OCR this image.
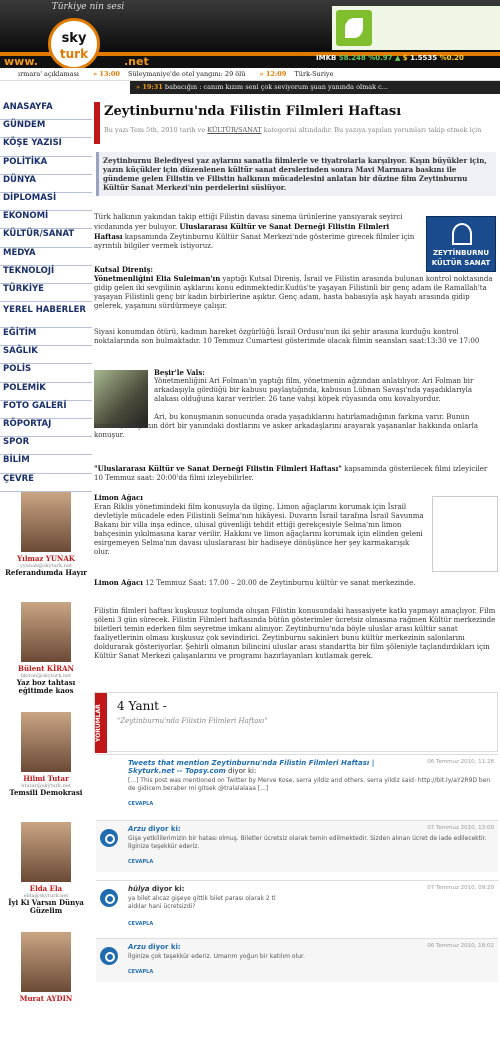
Türkiye nin sesi
sky
turk
www.	.net	IMKB 58.248 %0.97 ▲ $ 1.5535 %0.20
ırmara' açıklaması » 13:00 Süleymaniye'de otel yangını: 29 ölü » 12:09 Türk-Suriye
» 19:31 babacığın : canım kızım seni çok seviyorum şuan yanında olmak c...
ANASAYFA
GÜNDEM
KÖŞE YAZISI
POLİTİKA
DÜNYA
DİPLOMASİ
EKONOMİ
KÜLTÜR/SANAT
MEDYA
TEKNOLOJİ
TÜRKİYE
YEREL HABERLER
EĞİTİM
SAĞLIK
POLİS
POLEMİK
FOTO GALERİ
RÖPORTAJ
SPOR
BİLİM
ÇEVRE
Yılmaz YUNAK
yyunak@skyturk.net
Referandumda Hayır
Bülent KİRAN
bkiran@skyturk.net
Yaz boz tahtası eğitimde kaos
Hilmi Tutar
htutar@skyturk.net
Temsili Demokrasi
Elda Ela
elda@skyturk.net
İyi Ki Varsın Dünya Güzelim
Murat AYDIN
Zeytinburnu'nda Filistin Filmleri Haftası
Bu yazı Tem 5th, 2010 tarih ve KÜLTÜR/SANAT kategorisi altındadır. Bu yazıya yapılan yorumları takip etmek için
Zeytinburnu Belediyesi yaz aylarını sanatla filmlerle ve tiyatrolarla karşılıyor. Kışın büyükler için, yazın küçükler için düzenlenen kültür sanat derslerinden sonra Mavi Marmara baskını ile gündeme gelen Filistin ve Filistin halkının mücadelesini anlatan bir düzine film Zeytinburnu Kültür Sanat Merkezi'nin perdelerini süslüyor.
Türk halkının yakından takip ettiği Filistin davası sinema ürünlerine yansıyarak seyirci vicdanında yer buluyor. Uluslararası Kültür ve Sanat Derneği Filistin Filmleri Haftası kapsamında Zeytinburnu Kültür Sanat Merkezi'nde gösterime girecek filmler için ayrıntılı bilgiler vermek istiyoruz.
ZEYTİNBURNU
KÜLTÜR SANAT
Kutsal Direniş:
Yönetmenliğini Elia Suleiman'ın yaptığı Kutsal Direniş, İsrail ve Filistin arasında bulunan kontrol noktasında gidip gelen iki sevgilinin aşklarını konu edinmektedir.Kudüs'te yaşayan Filistinli bir genç adam ile Ramallah'ta yaşayan Filistinli genç bir kadın birbirlerine aşıktır. Genç adam, hasta babasıyla aşk hayatı arasında gidip gelerek, yaşamını sürdürmeye çalışır.
Siyasi konumdan ötürü, kadının hareket özgürlüğü İsrail Ordusu'nun iki şehir arasına kurduğu kontrol noktalarında son bulmaktadır. 10 Temmuz Cumartesi gösterimde olacak filmin seansları saat:13:30 ve 17:00
Beşir'le Vals:
Yönetmenliğini Ari Folman'ın yaptığı film, yönetmenin ağzından anlatılıyor. Ari Folman bir arkadaşıyla gördüğü bir kabusu paylaştığında, kabusun Lübnan Savaşı'nda yaşadıklarıyla alakası olduğuna karar verirler. 26 tane vahşi köpek rüyasında onu kovalıyordur.
Ari, bu konuşmanın sonucunda orada yaşadıklarını hatırlamadığının farkına varır. Bunun üzerine, dünyanın dört bir yanındaki dostlarını ve asker arkadaşlarını arayarak yaşananlar hakkında onlarla konuşur.
"Uluslararası Kültür ve Sanat Derneği Filistin Filmleri Haftası" kapsamında gösterilecek filmi izleyiciler 10 Temmuz saat: 20:00'da filmi izleyebilirler.
Limon Ağacı
Eran Riklis yönetimindeki film konusuyla da ilginç. Limon ağaçlarını korumak için İsrail devletiyle mücadele eden Filistinli Selma'nın hikâyesi. Duvarın İsrail tarafına İsrail Savunma Bakanı bir villa inşa edince, ulusal güvenliği tehdit ettiği gerekçesiyle Selma'nın limon bahçesinin yıkılmasına karar verilir. Hakkını ve limon ağaçlarını korumak için elinden geleni esirgemeyen Selma'nın davası uluslararası bir hadiseye dönüşünce her şey karmakarışık olur.
Limon Ağacı 12 Temmuz Saat: 17.00 – 20.00 de Zeytinburnu kültür ve sanat merkezinde.
Filistin filmleri haftası kuşkusuz toplumda oluşan Filistin konusundaki hassasiyete katkı yapmayı amaçlıyor. Film şöleni 3 gün sürecek. Filistin Filmleri haftasında bütün gösterimler ücretsiz olmasına rağmen Kültür merkezinde biletleri temin ederken film seyretme imkanı alınıyor. Zeytinburnu'nda böyle uluslar arası kültür sanat faaliyetlerinin olması kuşkusuz çok sevindirici. Zeytinburnu sakinleri bunu kültür merkezinin salonlarını doldurarak gösteriyorlar. Şehirli olmanın bilincini uluslar arası standartta bir film şöleniyle taçlandırdıkları için Kültür Sanat Merkezi çalışanlarını ve programı hazırlayanları kutlamak gerek.
YORUMLAR	4 Yanıt -
"Zeytinburnu'nda Filistin Filmleri Haftası"
Tweets that mention Zeytinburnu'nda Filistin Filmleri Haftası | Skyturk.net -- Topsy.com diyor ki:
06 Temmuz 2010, 11:28
[...] This post was mentioned on Twitter by Merve Kose, serra yildiz and others. serra yildiz said: http://bit.ly/aY2R9D ben de gidicem.beraber mi gitsek @tralalalaaa [...]
CEVAPLA
Arzu diyor ki:	07 Temmuz 2010, 13:00
Gişe yetkililerimizin bir hatası olmuş. Biletler ücretsiz olarak temin edilmektedir. Sizden alınan ücret de iade edilecektir. İlginize teşekkür ederiz.
CEVAPLA
hülya diyor ki:	07 Temmuz 2010, 09:20
ya bilet alıcaz gişeye gittik bilet parası olarak 2 tl aldılar hani ücretsizdi?
CEVAPLA
Arzu diyor ki:	06 Temmuz 2010, 18:02
İlginize çok teşekkür ederiz. Umarım yoğun bir katılım olur.
CEVAPLA
